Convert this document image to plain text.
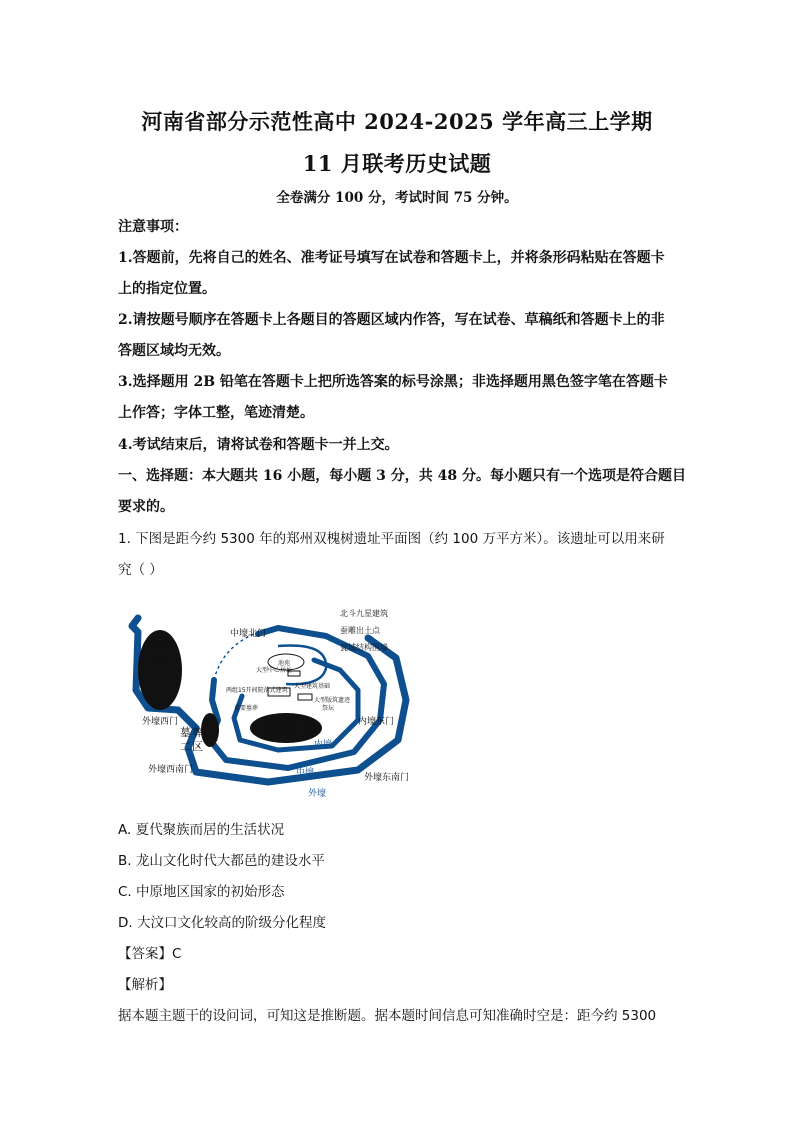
河南省部分示范性高中 2024-2025 学年高三上学期
11 月联考历史试题
全卷满分 100 分，考试时间 75 分钟。
注意事项：
1.答题前，先将自己的姓名、准考证号填写在试卷和答题卡上，并将条形码粘贴在答题卡
上的指定位置。
2.请按题号顺序在答题卡上各题目的答题区域内作答，写在试卷、草稿纸和答题卡上的非
答题区域均无效。
3.选择题用 2B 铅笔在答题卡上把所选答案的标号涂黑；非选择题用黑色签字笔在答题卡
上作答；字体工整，笔迹清楚。
4.考试结束后，请将试卷和答题卡一并上交。
一、选择题：本大题共 16 小题，每小题 3 分，共 48 分。每小题只有一个选项是符合题目
要求的。
1. 下图是距今约 5300 年的郑州双槐树遗址平面图（约 100 万平方米）。该遗址可以用来研
究（ ）
墓
葬
一
区
墓葬三区
墓 葬
二 区
中壕北门
外壕西门
外壕西南门
北斗九星建筑
蚕雕出土点
瓮城结构围墙
池苑
大型中心居址
两组15开间院落式建筑
重要墓葬
大型建筑基础
大型版筑遗迹
祭坛
内壕东门
内壕
中壕
外壕
外壕东南门
A. 夏代聚族而居的生活状况
B. 龙山文化时代大都邑的建设水平
C. 中原地区国家的初始形态
D. 大汶口文化较高的阶级分化程度
【答案】C
【解析】
据本题主题干的设问词，可知这是推断题。据本题时间信息可知准确时空是：距今约 5300
